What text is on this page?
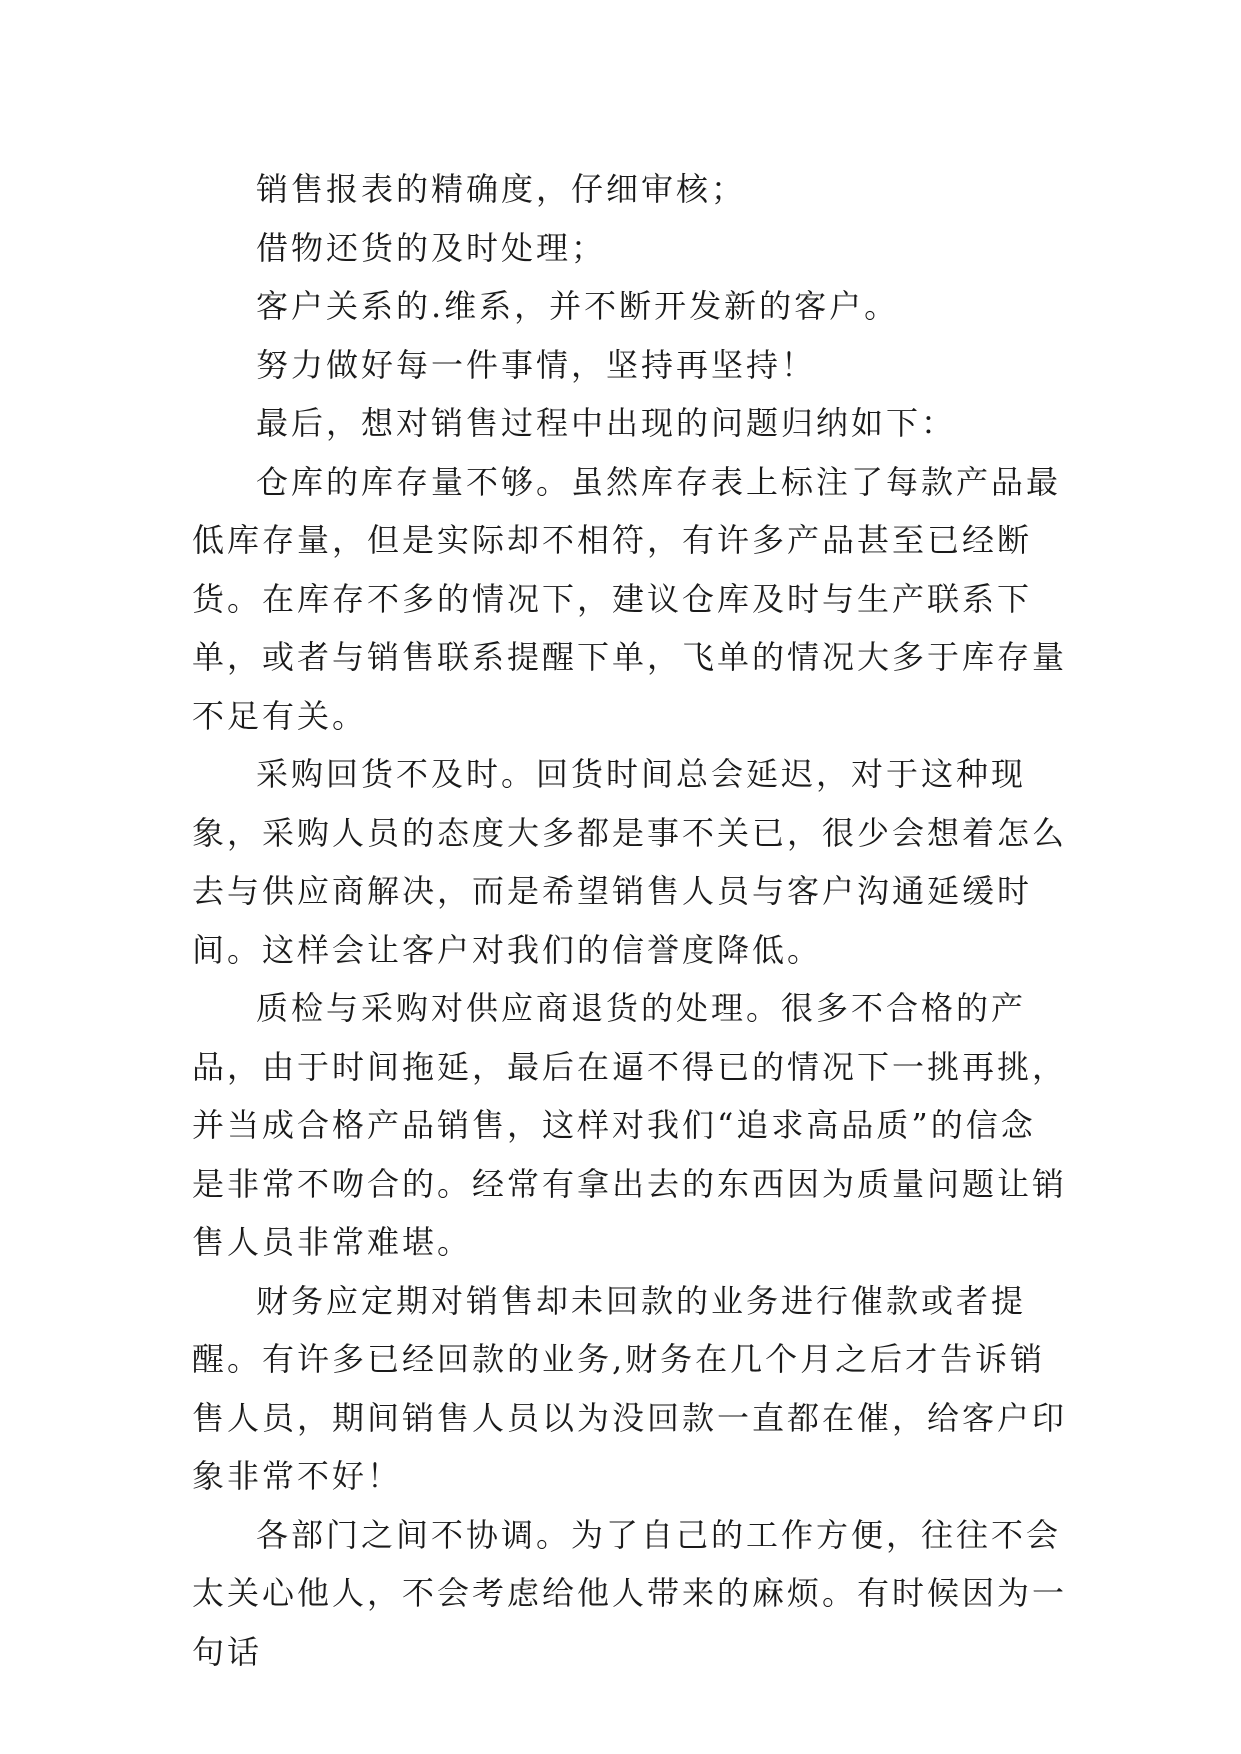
销售报表的精确度，仔细审核；

借物还货的及时处理；

客户关系的.维系，并不断开发新的客户。

努力做好每一件事情，坚持再坚持！

最后，想对销售过程中出现的问题归纳如下：

仓库的库存量不够。虽然库存表上标注了每款产品最低库存量，但是实际却不相符，有许多产品甚至已经断货。在库存不多的情况下，建议仓库及时与生产联系下单，或者与销售联系提醒下单，飞单的情况大多于库存量不足有关。

采购回货不及时。回货时间总会延迟，对于这种现象，采购人员的态度大多都是事不关已，很少会想着怎么去与供应商解决，而是希望销售人员与客户沟通延缓时间。这样会让客户对我们的信誉度降低。

质检与采购对供应商退货的处理。很多不合格的产品，由于时间拖延，最后在逼不得已的情况下一挑再挑，并当成合格产品销售，这样对我们“追求高品质”的信念是非常不吻合的。经常有拿出去的东西因为质量问题让销售人员非常难堪。

财务应定期对销售却未回款的业务进行催款或者提醒。有许多已经回款的业务,财务在几个月之后才告诉销售人员，期间销售人员以为没回款一直都在催，给客户印象非常不好！

各部门之间不协调。为了自己的工作方便，往往不会太关心他人，不会考虑给他人带来的麻烦。有时候因为一句话
